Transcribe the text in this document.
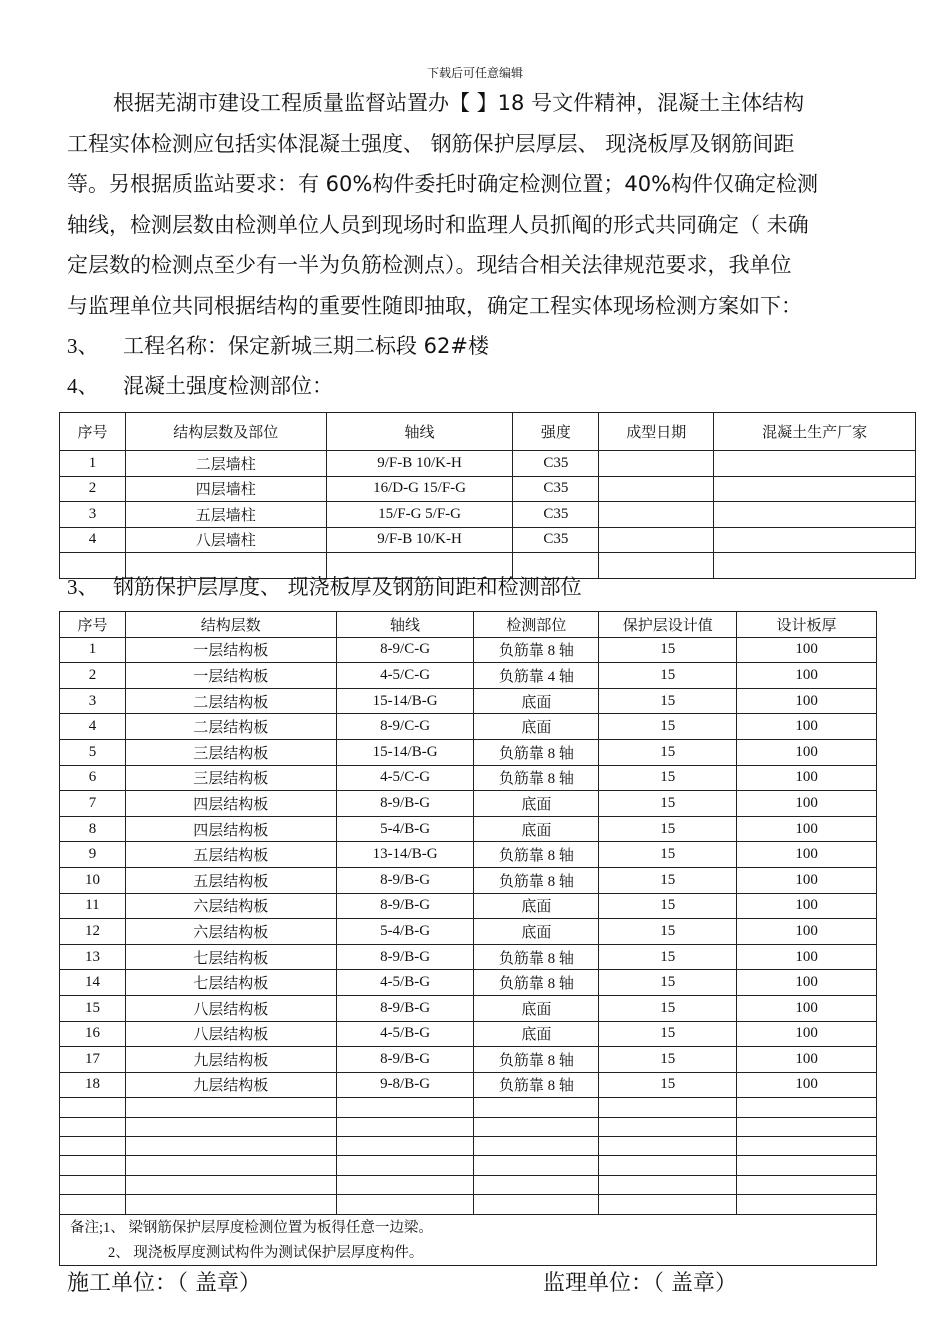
下载后可任意编辑
根据芜湖市建设工程质量监督站置办【 】18 号文件精神，混凝土主体结构
工程实体检测应包括实体混凝土强度、 钢筋保护层厚层、 现浇板厚及钢筋间距
等。另根据质监站要求：有 60%构件委托时确定检测位置；40%构件仅确定检测
轴线，检测层数由检测单位人员到现场时和监理人员抓阄的形式共同确定（ 未确
定层数的检测点至少有一半为负筋检测点）。现结合相关法律规范要求，我单位
与监理单位共同根据结构的重要性随即抽取，确定工程实体现场检测方案如下：
3、 工程名称：保定新城三期二标段 62#楼
4、 混凝土强度检测部位：
序号	结构层数及部位	轴线	强度	成型日期	混凝土生产厂家
1	二层墙柱	9/F-B 10/K-H	C35		
2	四层墙柱	16/D-G 15/F-G	C35		
3	五层墙柱	15/F-G 5/F-G	C35		
4	八层墙柱	9/F-B 10/K-H	C35		

3、 钢筋保护层厚度、 现浇板厚及钢筋间距和检测部位
序号	结构层数	轴线	检测部位	保护层设计值	设计板厚
1	一层结构板	8-9/C-G	负筋靠 8 轴	15	100
2	一层结构板	4-5/C-G	负筋靠 4 轴	15	100
3	二层结构板	15-14/B-G	底面	15	100
4	二层结构板	8-9/C-G	底面	15	100
5	三层结构板	15-14/B-G	负筋靠 8 轴	15	100
6	三层结构板	4-5/C-G	负筋靠 8 轴	15	100
7	四层结构板	8-9/B-G	底面	15	100
8	四层结构板	5-4/B-G	底面	15	100
9	五层结构板	13-14/B-G	负筋靠 8 轴	15	100
10	五层结构板	8-9/B-G	负筋靠 8 轴	15	100
11	六层结构板	8-9/B-G	底面	15	100
12	六层结构板	5-4/B-G	底面	15	100
13	七层结构板	8-9/B-G	负筋靠 8 轴	15	100
14	七层结构板	4-5/B-G	负筋靠 8 轴	15	100
15	八层结构板	8-9/B-G	底面	15	100
16	八层结构板	4-5/B-G	底面	15	100
17	九层结构板	8-9/B-G	负筋靠 8 轴	15	100
18	九层结构板	9-8/B-G	负筋靠 8 轴	15	100

备注;1、 梁钢筋保护层厚度检测位置为板得任意一边梁。					
2、 现浇板厚度测试构件为测试保护层厚度构件。					
施工单位：（ 盖章）	监理单位：（ 盖章）
